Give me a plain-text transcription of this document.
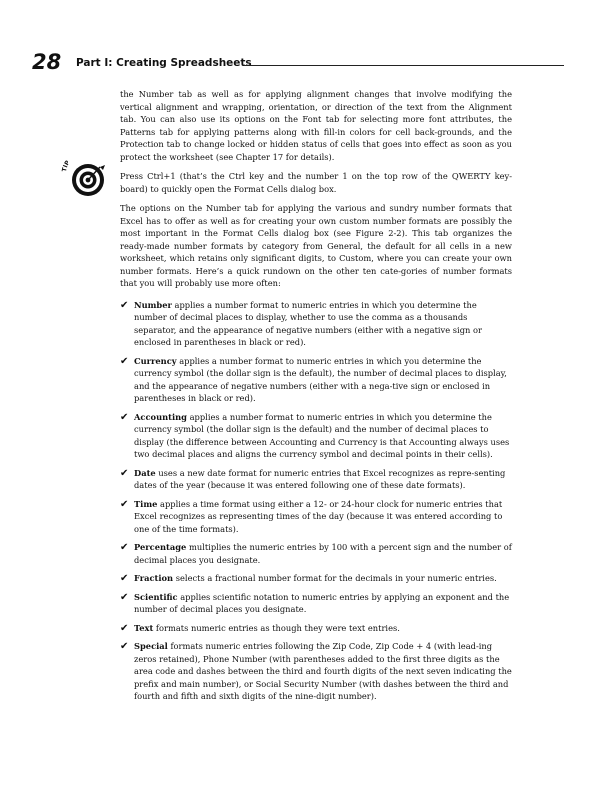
28 Part I: Creating Spreadsheets
TIP

the Number tab as well as for applying alignment changes that involve modifying the vertical alignment and wrapping, orientation, or direction of the text from the Alignment tab. You can also use its options on the Font tab for selecting more font attributes, the Patterns tab for applying patterns along with fill-in colors for cell back-grounds, and the Protection tab to change locked or hidden status of cells that goes into effect as soon as you protect the worksheet (see Chapter 17 for details).

Press Ctrl+1 (that’s the Ctrl key and the number 1 on the top row of the QWERTY key-board) to quickly open the Format Cells dialog box.

The options on the Number tab for applying the various and sundry number formats that Excel has to offer as well as for creating your own custom number formats are possibly the most important in the Format Cells dialog box (see Figure 2-2). This tab organizes the ready-made number formats by category from General, the default for all cells in a new worksheet, which retains only significant digits, to Custom, where you can create your own number formats. Here’s a quick rundown on the other ten cate-gories of number formats that you will probably use more often:

✔ Number applies a number format to numeric entries in which you determine the number of decimal places to display, whether to use the comma as a thousands separator, and the appearance of negative numbers (either with a negative sign or enclosed in parentheses in black or red).
✔ Currency applies a number format to numeric entries in which you determine the currency symbol (the dollar sign is the default), the number of decimal places to display, and the appearance of negative numbers (either with a nega-tive sign or enclosed in parentheses in black or red).
✔ Accounting applies a number format to numeric entries in which you determine the currency symbol (the dollar sign is the default) and the number of decimal places to display (the difference between Accounting and Currency is that Accounting always uses two decimal places and aligns the currency symbol and decimal points in their cells).
✔ Date uses a new date format for numeric entries that Excel recognizes as repre-senting dates of the year (because it was entered following one of these date formats).
✔ Time applies a time format using either a 12- or 24-hour clock for numeric entries that Excel recognizes as representing times of the day (because it was entered according to one of the time formats).
✔ Percentage multiplies the numeric entries by 100 with a percent sign and the number of decimal places you designate.
✔ Fraction selects a fractional number format for the decimals in your numeric entries.
✔ Scientific applies scientific notation to numeric entries by applying an exponent and the number of decimal places you designate.
✔ Text formats numeric entries as though they were text entries.
✔ Special formats numeric entries following the Zip Code, Zip Code + 4 (with lead-ing zeros retained), Phone Number (with parentheses added to the first three digits as the area code and dashes between the third and fourth digits of the next seven indicating the prefix and main number), or Social Security Number (with dashes between the third and fourth and fifth and sixth digits of the nine-digit number).
